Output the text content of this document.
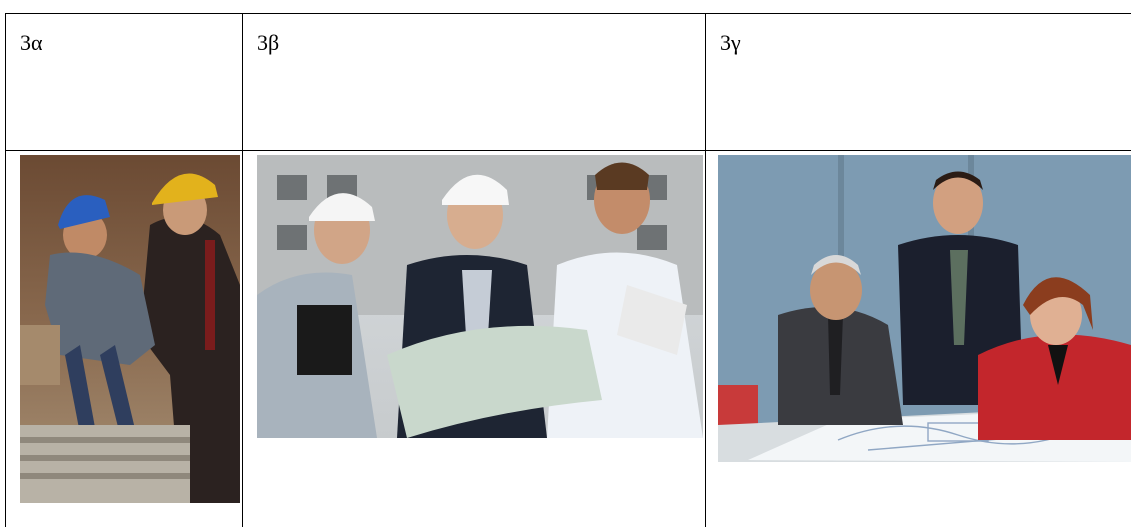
3α	3β	3γ
